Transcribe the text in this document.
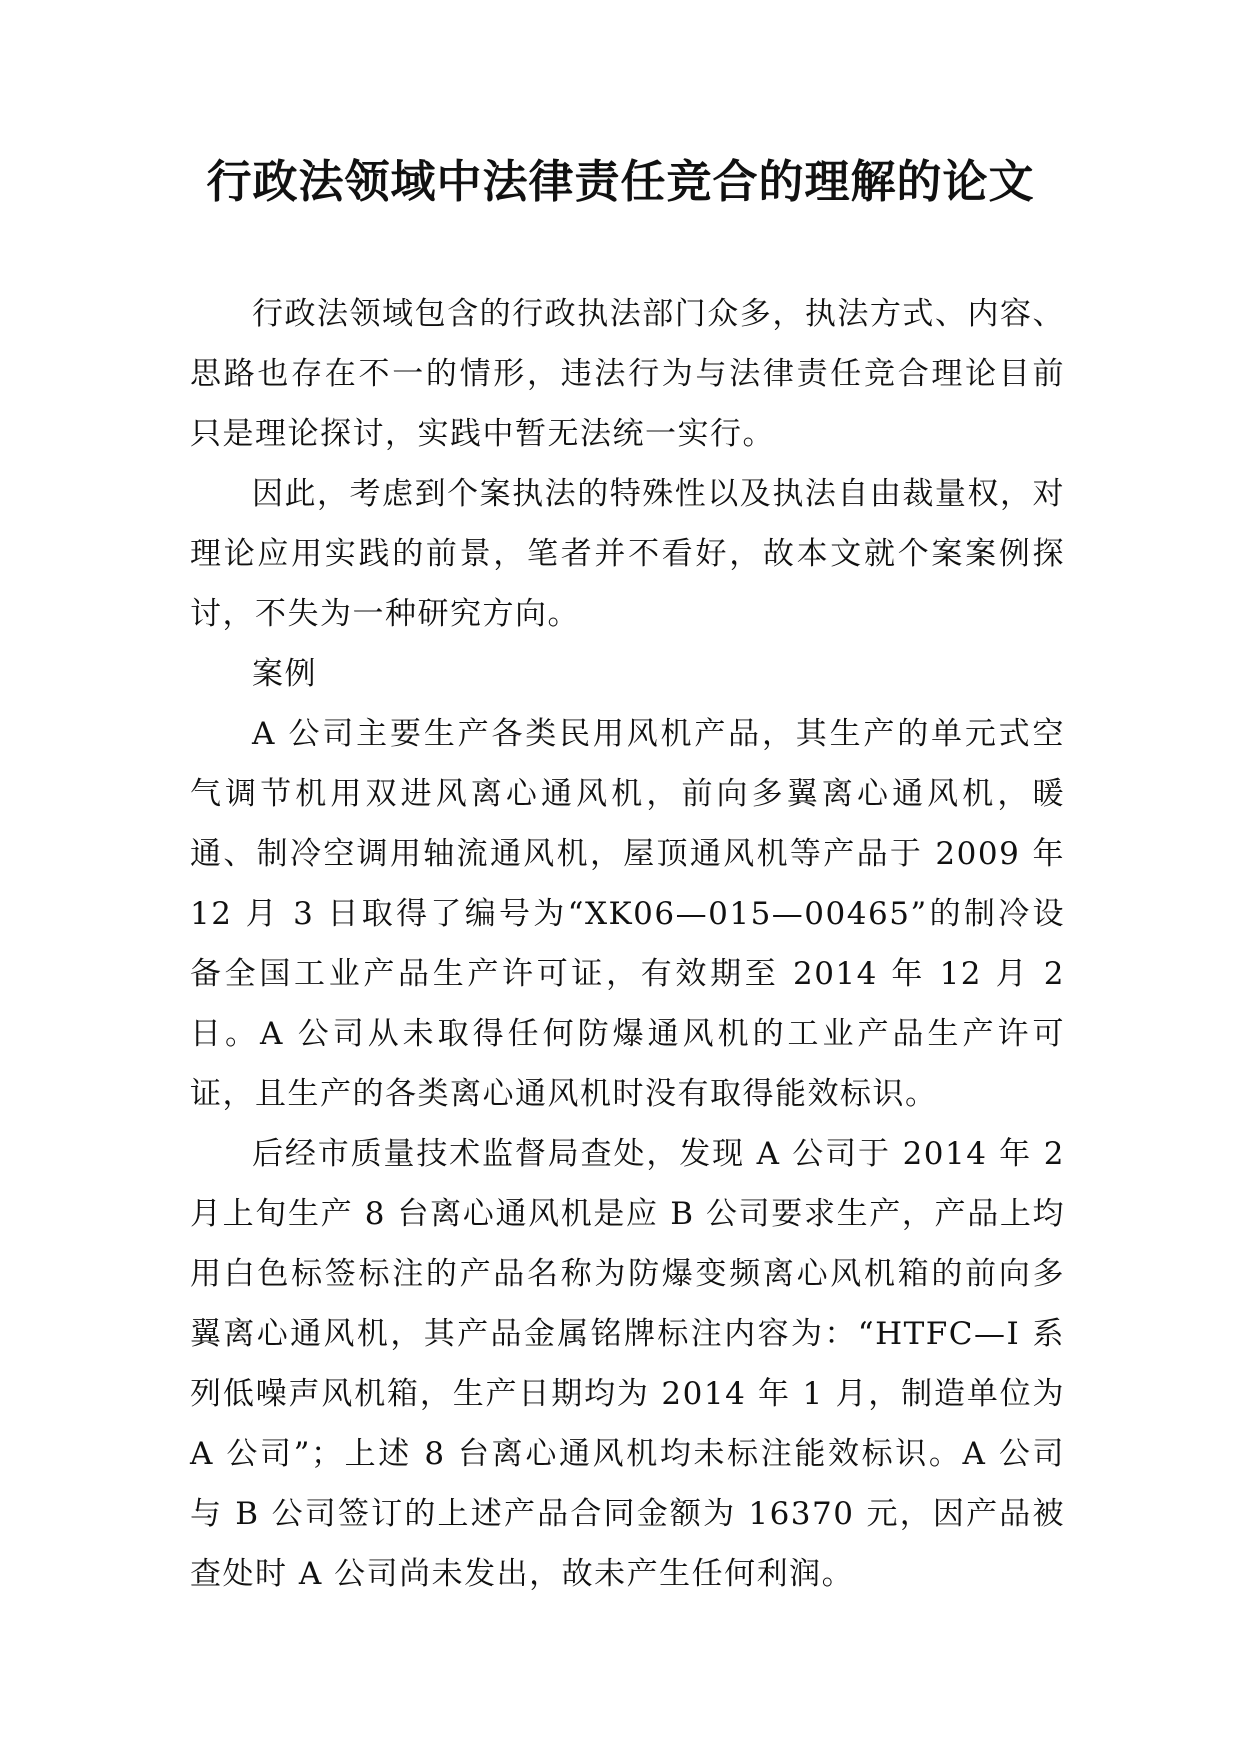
行政法领域中法律责任竞合的理解的论文

行政法领域包含的行政执法部门众多，执法方式、内容、思路也存在不一的情形，违法行为与法律责任竞合理论目前只是理论探讨，实践中暂无法统一实行。

因此，考虑到个案执法的特殊性以及执法自由裁量权，对理论应用实践的前景，笔者并不看好，故本文就个案案例探讨，不失为一种研究方向。

案例

A 公司主要生产各类民用风机产品，其生产的单元式空气调节机用双进风离心通风机，前向多翼离心通风机，暖通、制冷空调用轴流通风机，屋顶通风机等产品于 2009 年 12 月 3 日取得了编号为“XK06—015—00465”的制冷设备全国工业产品生产许可证，有效期至 2014 年 12 月 2 日。A 公司从未取得任何防爆通风机的工业产品生产许可证，且生产的各类离心通风机时没有取得能效标识。

后经市质量技术监督局查处，发现 A 公司于 2014 年 2 月上旬生产 8 台离心通风机是应 B 公司要求生产，产品上均用白色标签标注的产品名称为防爆变频离心风机箱的前向多翼离心通风机，其产品金属铭牌标注内容为：“HTFC—I 系列低噪声风机箱，生产日期均为 2014 年 1 月，制造单位为 A 公司”；上述 8 台离心通风机均未标注能效标识。A 公司与 B 公司签订的上述产品合同金额为 16370 元，因产品被查处时 A 公司尚未发出，故未产生任何利润。
